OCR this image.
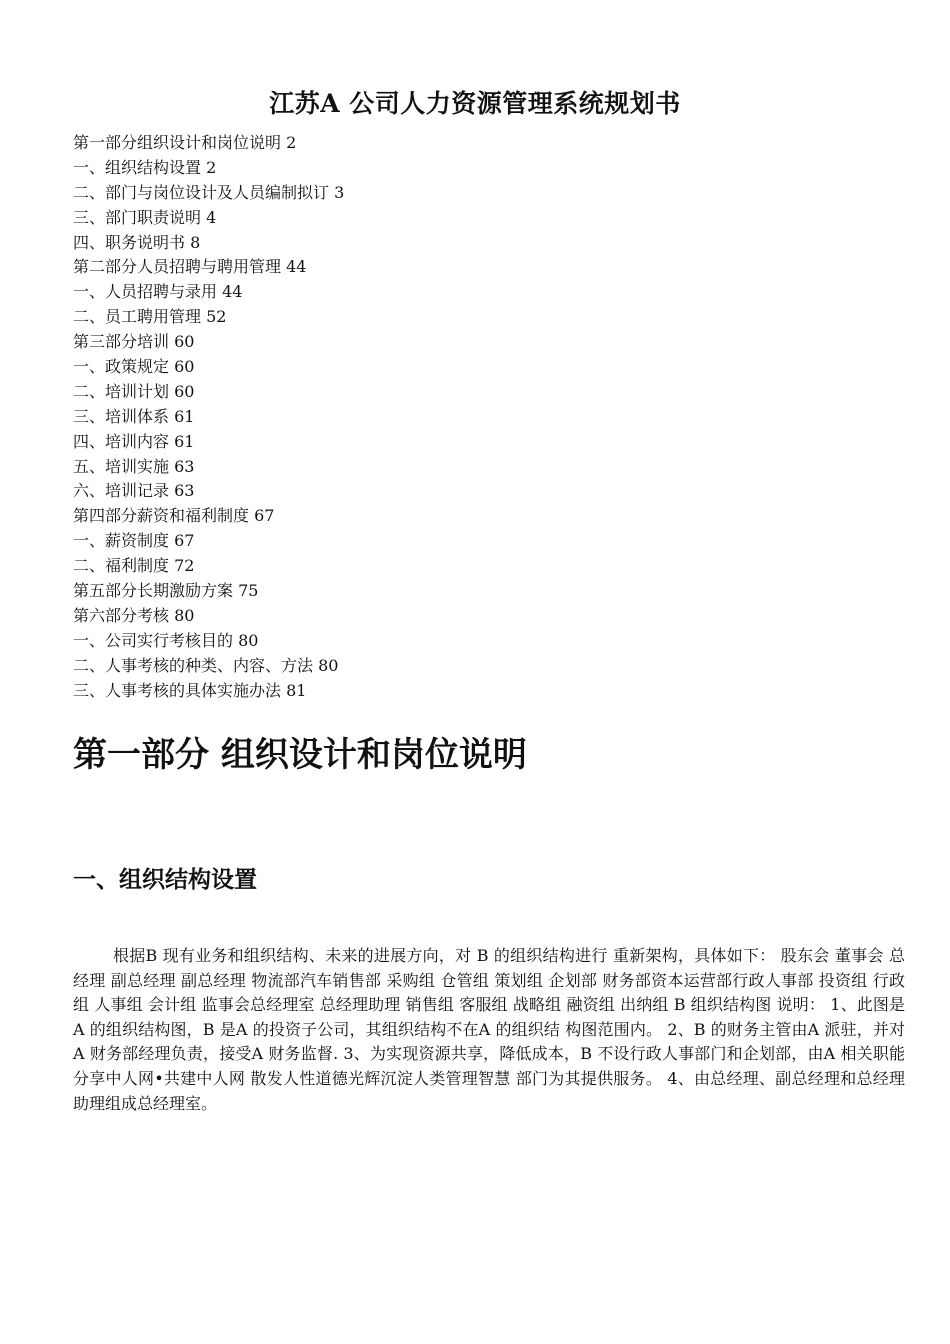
江苏A 公司人力资源管理系统规划书
第一部分组织设计和岗位说明 2
一、组织结构设置 2
二、部门与岗位设计及人员编制拟订 3
三、部门职责说明 4
四、职务说明书 8
第二部分人员招聘与聘用管理 44
一、人员招聘与录用 44
二、员工聘用管理 52
第三部分培训 60
一、政策规定 60
二、培训计划 60
三、培训体系 61
四、培训内容 61
五、培训实施 63
六、培训记录 63
第四部分薪资和福利制度 67
一、薪资制度 67
二、福利制度 72
第五部分长期激励方案 75
第六部分考核 80
一、公司实行考核目的 80
二、人事考核的种类、内容、方法 80
三、人事考核的具体实施办法 81
第一部分 组织设计和岗位说明
一、组织结构设置

根据B 现有业务和组织结构、未来的进展方向，对 B 的组织结构进行 重新架构，具体如下： 股东会 董事会 总经理 副总经理 副总经理 物流部汽车销售部 采购组 仓管组 策划组 企划部 财务部资本运营部行政人事部 投资组 行政组 人事组 会计组 监事会总经理室 总经理助理 销售组 客服组 战略组 融资组 出纳组 B 组织结构图 说明： 1、此图是A 的组织结构图，B 是A 的投资子公司，其组织结构不在A 的组织结 构图范围内。 2、B 的财务主管由A 派驻，并对A 财务部经理负责，接受A 财务监督. 3、为实现资源共享，降低成本，B 不设行政人事部门和企划部，由A 相关职能 分享中人网•共建中人网 散发人性道德光辉沉淀人类管理智慧 部门为其提供服务。 4、由总经理、副总经理和总经理助理组成总经理室。
